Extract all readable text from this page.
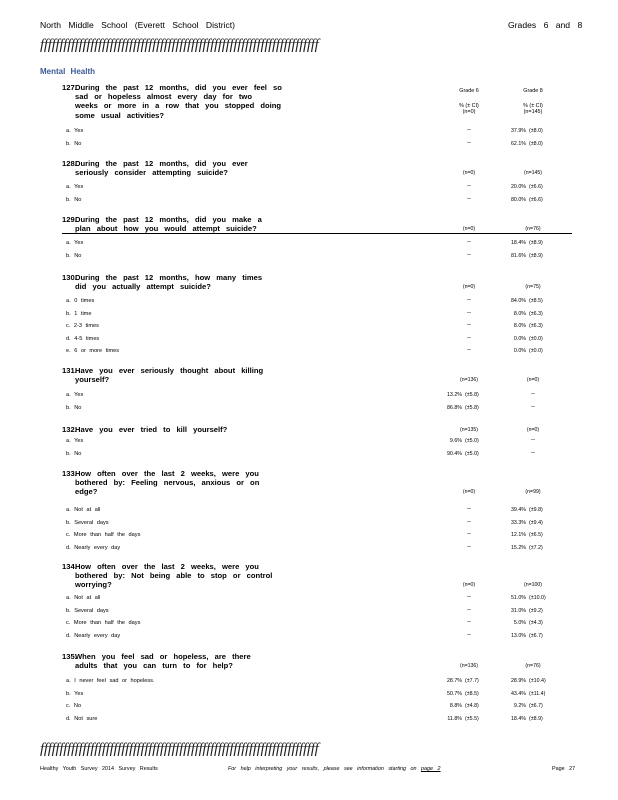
North Middle School (Everett School District)	Grades 6 and 8
ffffffffffffffffffffffffffffffffffffffffffffffffffffffffffffffffffffffff
Mental Health
Grade 6
% (± CI)
(n=0)
Grade 8
% (± CI)
(n=145)
127.
During the past 12 months, did you ever feel so
sad or hopeless almost every day for two
weeks or more in a row that you stopped doing
some usual activities?
a. Yes	--	37.9% (±8.0)
b. No	--	62.1% (±8.0)
128.
During the past 12 months, did you ever
seriously consider attempting suicide?	(n=0)	(n=145)
a. Yes	--	20.0% (±6.6)
b. No	--	80.0% (±6.6)
129.
During the past 12 months, did you make a
plan about how you would attempt suicide?	(n=0)	(n=76)
a. Yes	--	18.4% (±8.9)
b. No	--	81.6% (±8.9)
130.
During the past 12 months, how many times
did you actually attempt suicide?	(n=0)	(n=75)
a. 0 times	--	84.0% (±8.5)
b. 1 time	--	8.0% (±6.3)
c. 2-3 times	--	8.0% (±6.3)
d. 4-5 times	--	0.0% (±0.0)
e. 6 or more times	--	0.0% (±0.0)
131.
Have you ever seriously thought about killing
yourself?	(n=136)	(n=0)
a. Yes	13.2% (±5.8)	--
b. No	86.8% (±5.8)	--
132.
Have you ever tried to kill yourself?	(n=135)	(n=0)
a. Yes	9.6% (±5.0)	--
b. No	90.4% (±5.0)	--
133.
How often over the last 2 weeks, were you
bothered by: Feeling nervous, anxious or on
edge?	(n=0)	(n=99)
a. Not at all	--	39.4% (±9.8)
b. Several days	--	33.3% (±9.4)
c. More than half the days	--	12.1% (±6.5)
d. Nearly every day	--	15.2% (±7.2)
134.
How often over the last 2 weeks, were you
bothered by: Not being able to stop or control
worrying?	(n=0)	(n=100)
a. Not at all	--	51.0% (±10.0)
b. Several days	--	31.0% (±9.2)
c. More than half the days	--	5.0% (±4.3)
d. Nearly every day	--	13.0% (±6.7)
135.
When you feel sad or hopeless, are there
adults that you can turn to for help?	(n=136)	(n=76)
a. I never feel sad or hopeless.	28.7% (±7.7)	28.9% (±10.4)
b. Yes	50.7% (±8.5)	43.4% (±11.4)
c. No	8.8% (±4.8)	9.2% (±6.7)
d. Not sure	11.8% (±5.5)	18.4% (±8.9)
ffffffffffffffffffffffffffffffffffffffffffffffffffffffffffffffffffffffff
Healthy Youth Survey 2014 Survey Results	For help interpreting your results, please see information starting on page 2	Page 27
